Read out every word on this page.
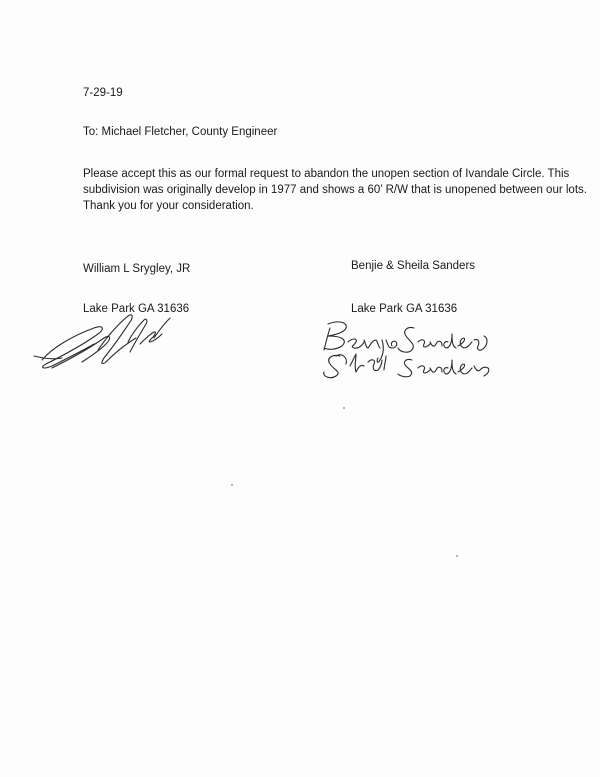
7-29-19
To: Michael Fletcher, County Engineer
Please accept this as our formal request to abandon the unopen section of Ivandale Circle. This
subdivision was originally develop in 1977 and shows a 60’ R/W that is unopened between our lots.
Thank you for your consideration.
William L Srygley, JR	Benjie & Sheila Sanders
Lake Park GA 31636	Lake Park GA 31636
